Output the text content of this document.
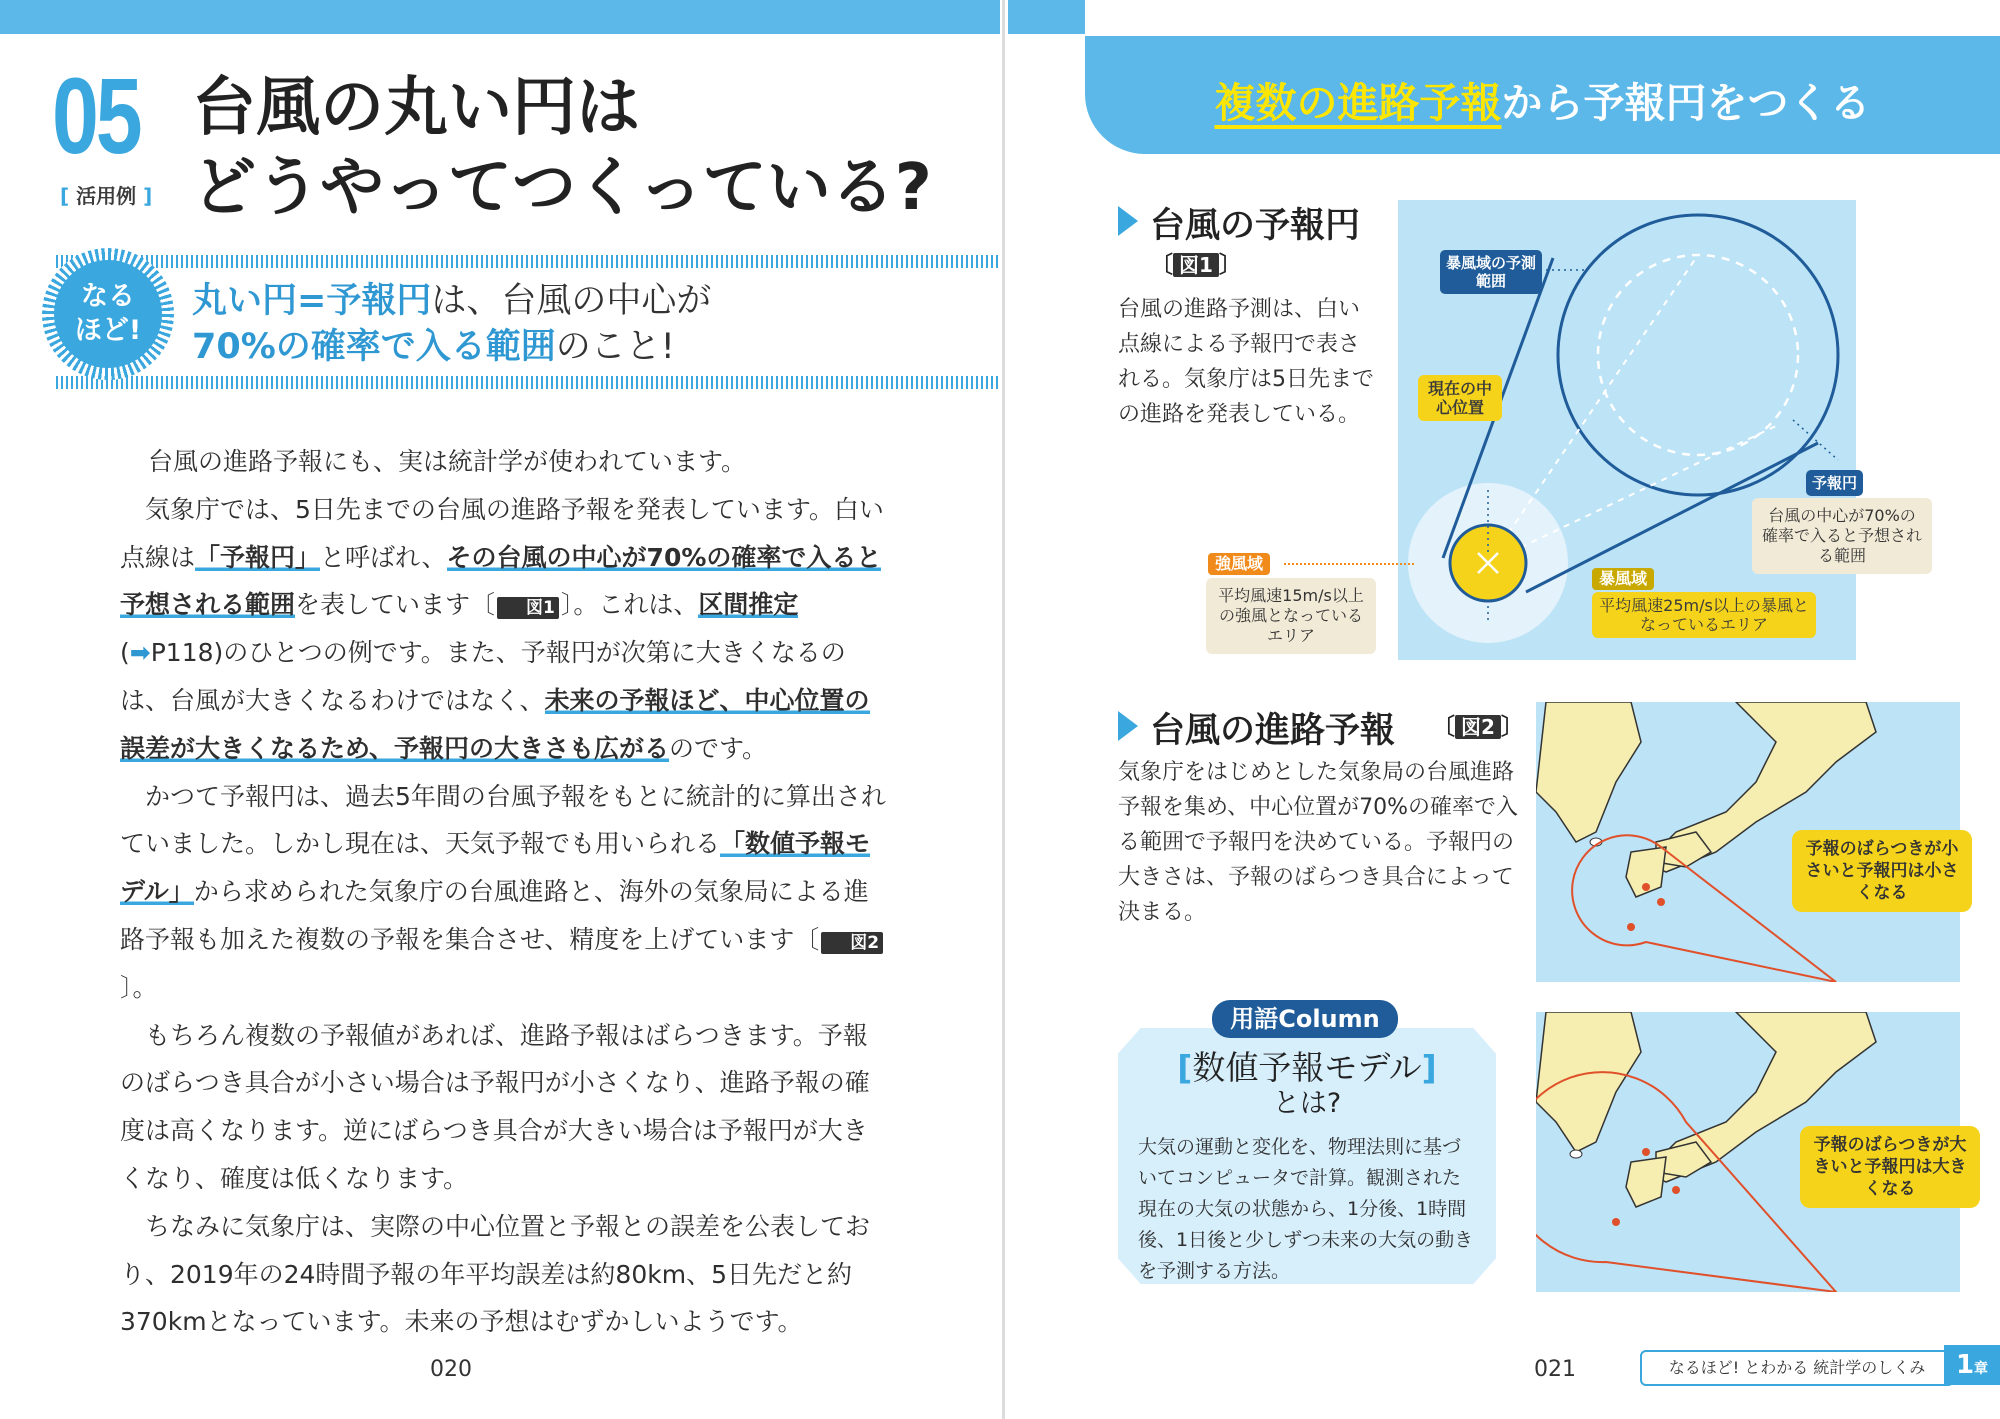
05
[ 活用例 ]
台風の丸い円は
どうやってつくっている?
なる
ほど!
丸い円=予報円は、台風の中心が
70%の確率で入る範囲のこと!

台風の進路予報にも、実は統計学が使われています。

気象庁では、5日先までの台風の進路予報を発表しています。白い点線は「予報円」と呼ばれ、その台風の中心が70%の確率で入ると予想される範囲を表しています〔 図1 〕。これは、区間推定(➡P118)のひとつの例です。また、予報円が次第に大きくなるのは、台風が大きくなるわけではなく、未来の予報ほど、中心位置の誤差が大きくなるため、予報円の大きさも広がるのです。

かつて予報円は、過去5年間の台風予報をもとに統計的に算出されていました。しかし現在は、天気予報でも用いられる「数値予報モデル」から求められた気象庁の台風進路と、海外の気象局による進路予報も加えた複数の予報を集合させ、精度を上げています〔 図2〕。

もちろん複数の予報値があれば、進路予報はばらつきます。予報のばらつき具合が小さい場合は予報円が小さくなり、進路予報の確度は高くなります。逆にばらつき具合が大きい場合は予報円が大きくなり、確度は低くなります。

ちなみに気象庁は、実際の中心位置と予報との誤差を公表しており、2019年の24時間予報の年平均誤差は約80km、5日先だと約370kmとなっています。未来の予想はむずかしいようです。

020
複数の進路予報から予報円をつくる
台風の予報円
〔 図1 〕
台風の進路予測は、白い点線による予報円で表される。気象庁は5日先までの進路を発表している。
暴風域の予測範囲
現在の中心位置
予報円
台風の中心が70%の確率で入ると予想される範囲
強風域
平均風速15m/s以上の強風となっているエリア
暴風域
平均風速25m/s以上の暴風となっているエリア
台風の進路予報 〔 図2 〕
気象庁をはじめとした気象局の台風進路予報を集め、中心位置が70%の確率で入る範囲で予報円を決めている。予報円の大きさは、予報のばらつき具合によって決まる。
予報のばらつきが小さいと予報円は小さくなる
予報のばらつきが大きいと予報円は大きくなる
用語Column
[数値予報モデル]
とは?
大気の運動と変化を、物理法則に基づいてコンピュータで計算。観測された現在の大気の状態から、1分後、1時間後、1日後と少しずつ未来の大気の動きを予測する方法。
021	なるほど! とわかる 統計学のしくみ	1章
